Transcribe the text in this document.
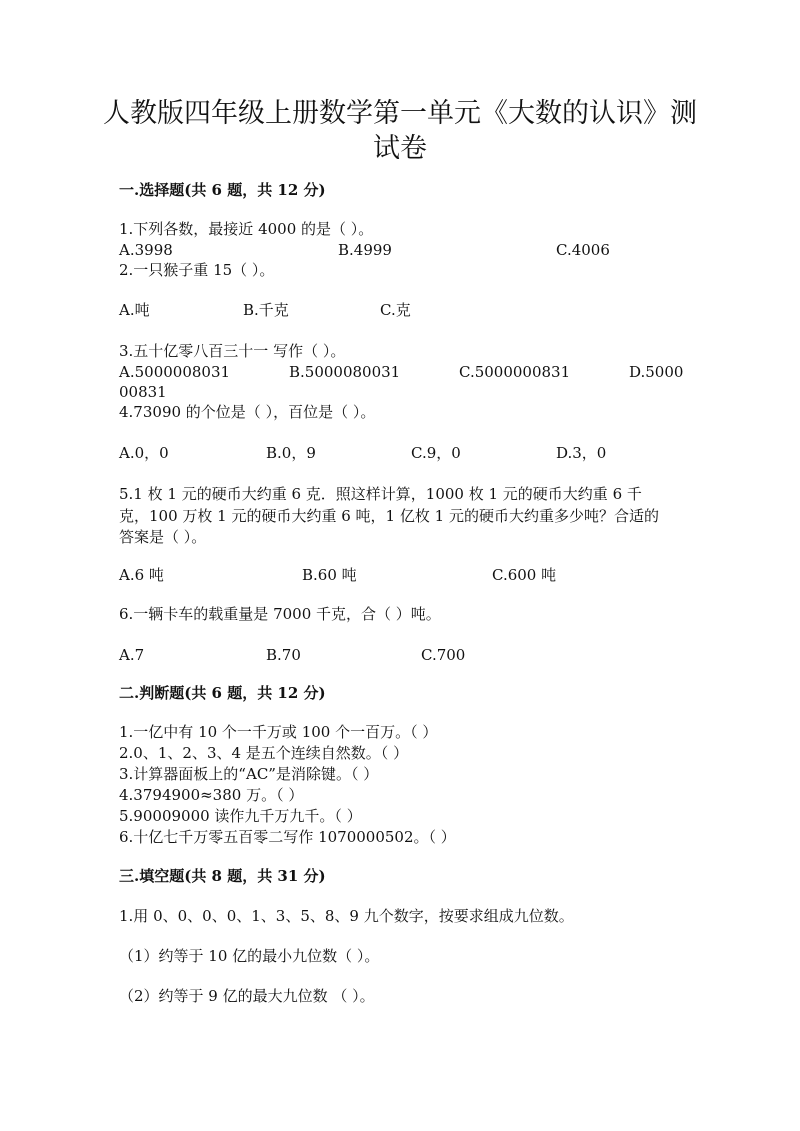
人教版四年级上册数学第一单元《大数的认识》测
试卷
一.选择题(共 6 题，共 12 分)
1.下列各数，最接近 4000 的是（ ）。
A.3998	B.4999	C.4006
2.一只猴子重 15（ ）。
A.吨	B.千克	C.克
3.五十亿零八百三十一 写作（ ）。
A.5000008031	B.5000080031	C.5000000831	D.5000
00831
4.73090 的个位是（ ），百位是（ ）。
A.0，0	B.0，9	C.9，0	D.3，0
5.1 枚 1 元的硬币大约重 6 克．照这样计算，1000 枚 1 元的硬币大约重 6 千
克，100 万枚 1 元的硬币大约重 6 吨，1 亿枚 1 元的硬币大约重多少吨？合适的
答案是（ ）。
A.6 吨	B.60 吨	C.600 吨
6.一辆卡车的载重量是 7000 千克，合（ ）吨。
A.7	B.70	C.700
二.判断题(共 6 题，共 12 分)
1.一亿中有 10 个一千万或 100 个一百万。（ ）
2.0、1、2、3、4 是五个连续自然数。（ ）
3.计算器面板上的“AC”是消除键。（ ）
4.3794900≈380 万。（ ）
5.90009000 读作九千万九千。（ ）
6.十亿七千万零五百零二写作 1070000502。（ ）
三.填空题(共 8 题，共 31 分)
1.用 0、0、0、0、1、3、5、8、9 九个数字，按要求组成九位数。
（1）约等于 10 亿的最小九位数（ ）。
（2）约等于 9 亿的最大九位数 （ ）。
